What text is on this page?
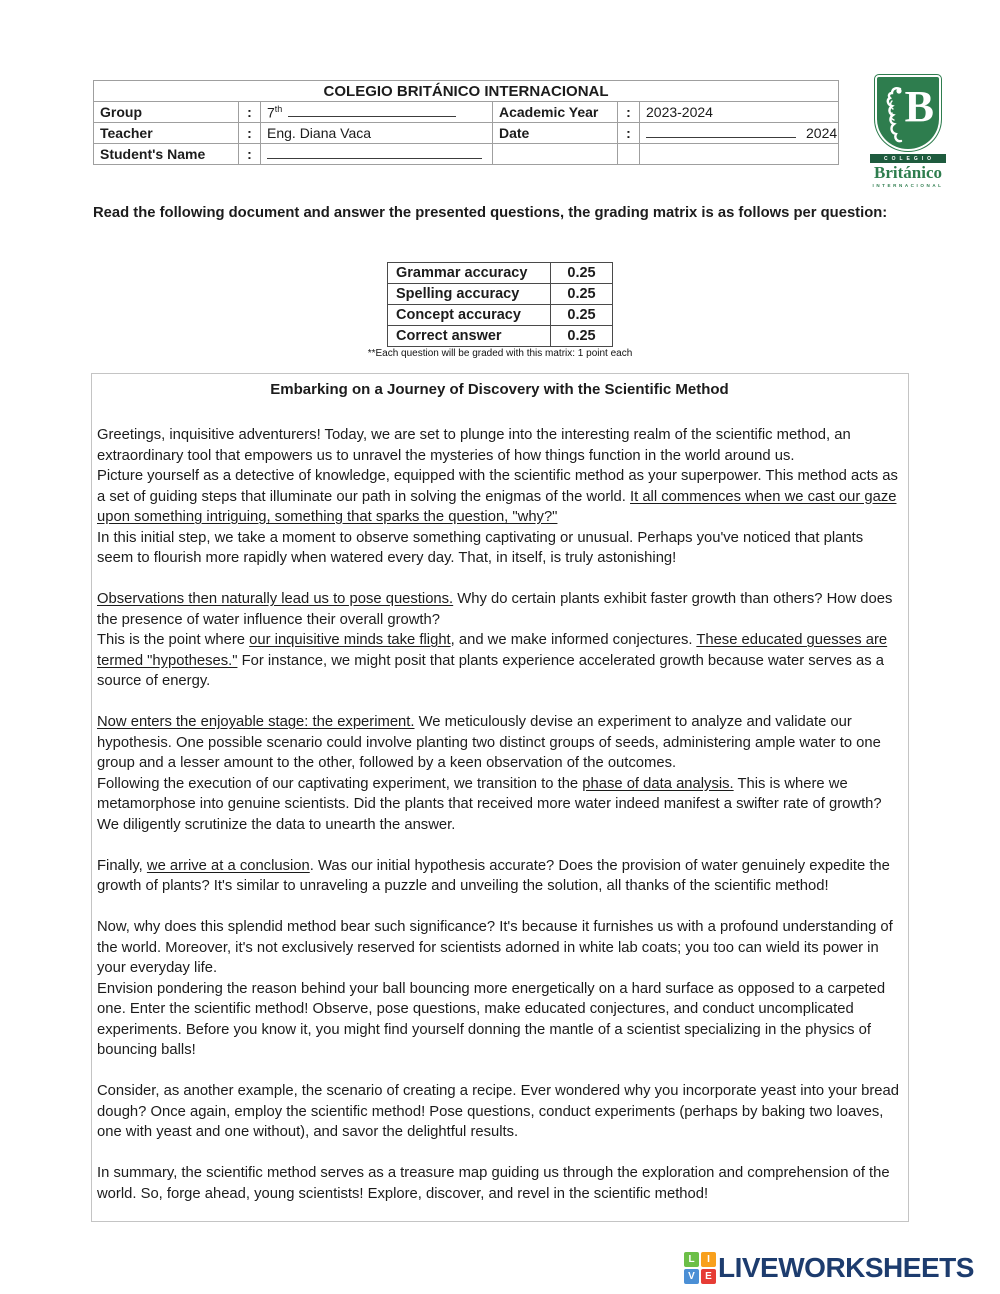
COLEGIO BRITÁNICO INTERNACIONAL					
Group	:	7th	Academic Year	:	2023-2024
Teacher	:	Eng. Diana Vaca	Date	:	2024
Student's Name	:				
B
COLEGIO
Británico
INTERNACIONAL
Read the following document and answer the presented questions, the grading matrix is as follows per question:
Grammar accuracy	0.25
Spelling accuracy	0.25
Concept accuracy	0.25
Correct answer	0.25
**Each question will be graded with this matrix: 1 point each
Embarking on a Journey of Discovery with the Scientific Method
Greetings, inquisitive adventurers! Today, we are set to plunge into the interesting realm of the scientific method, an extraordinary tool that empowers us to unravel the mysteries of how things function in the world around us.
Picture yourself as a detective of knowledge, equipped with the scientific method as your superpower. This method acts as a set of guiding steps that illuminate our path in solving the enigmas of the world. It all commences when we cast our gaze upon something intriguing, something that sparks the question, "why?"
In this initial step, we take a moment to observe something captivating or unusual. Perhaps you've noticed that plants seem to flourish more rapidly when watered every day. That, in itself, is truly astonishing!
Observations then naturally lead us to pose questions. Why do certain plants exhibit faster growth than others? How does the presence of water influence their overall growth?
This is the point where our inquisitive minds take flight, and we make informed conjectures. These educated guesses are termed "hypotheses." For instance, we might posit that plants experience accelerated growth because water serves as a source of energy.
Now enters the enjoyable stage: the experiment. We meticulously devise an experiment to analyze and validate our hypothesis. One possible scenario could involve planting two distinct groups of seeds, administering ample water to one group and a lesser amount to the other, followed by a keen observation of the outcomes.
Following the execution of our captivating experiment, we transition to the phase of data analysis. This is where we metamorphose into genuine scientists. Did the plants that received more water indeed manifest a swifter rate of growth? We diligently scrutinize the data to unearth the answer.
Finally, we arrive at a conclusion. Was our initial hypothesis accurate? Does the provision of water genuinely expedite the growth of plants? It's similar to unraveling a puzzle and unveiling the solution, all thanks of the scientific method!
Now, why does this splendid method bear such significance? It's because it furnishes us with a profound understanding of the world. Moreover, it's not exclusively reserved for scientists adorned in white lab coats; you too can wield its power in your everyday life.
Envision pondering the reason behind your ball bouncing more energetically on a hard surface as opposed to a carpeted one. Enter the scientific method! Observe, pose questions, make educated conjectures, and conduct uncomplicated experiments. Before you know it, you might find yourself donning the mantle of a scientist specializing in the physics of bouncing balls!
Consider, as another example, the scenario of creating a recipe. Ever wondered why you incorporate yeast into your bread dough? Once again, employ the scientific method! Pose questions, conduct experiments (perhaps by baking two loaves, one with yeast and one without), and savor the delightful results.
In summary, the scientific method serves as a treasure map guiding us through the exploration and comprehension of the world. So, forge ahead, young scientists! Explore, discover, and revel in the scientific method!
L	I
V	E LIVEWORKSHEETS
